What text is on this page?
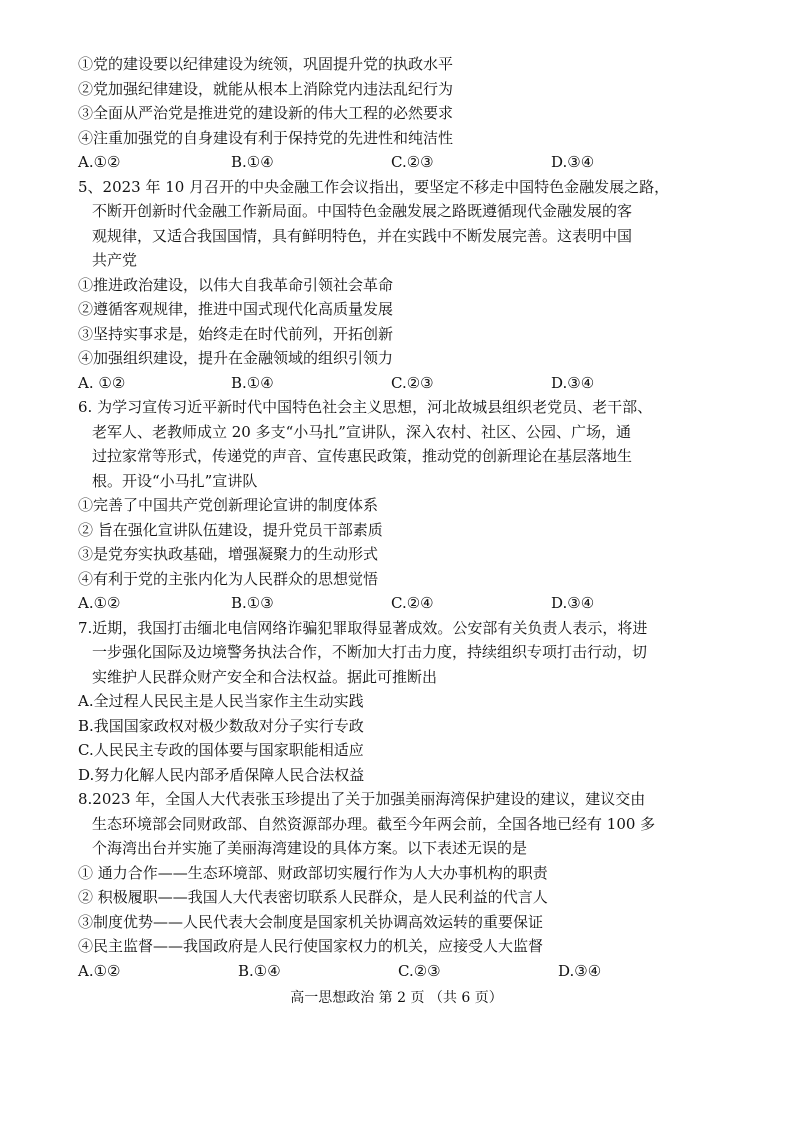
①党的建设要以纪律建设为统领，巩固提升党的执政水平

②党加强纪律建设，就能从根本上消除党内违法乱纪行为

③全面从严治党是推进党的建设新的伟大工程的必然要求

④注重加强党的自身建设有利于保持党的先进性和纯洁性

A.①②	B.①④	C.②③	D.③④

5、2023 年 10 月召开的中央金融工作会议指出，要坚定不移走中国特色金融发展之路，

不断开创新时代金融工作新局面。中国特色金融发展之路既遵循现代金融发展的客

观规律，又适合我国国情，具有鲜明特色，并在实践中不断发展完善。这表明中国

共产党

①推进政治建设，以伟大自我革命引领社会革命

②遵循客观规律，推进中国式现代化高质量发展

③坚持实事求是，始终走在时代前列，开拓创新

④加强组织建设，提升在金融领域的组织引领力

A. ①②	B.①④	C.②③	D.③④

6. 为学习宣传习近平新时代中国特色社会主义思想，河北故城县组织老党员、老干部、

老军人、老教师成立 20 多支“小马扎”宣讲队，深入农村、社区、公园、广场，通

过拉家常等形式，传递党的声音、宣传惠民政策，推动党的创新理论在基层落地生

根。开设“小马扎”宣讲队

①完善了中国共产党创新理论宣讲的制度体系

② 旨在强化宣讲队伍建设，提升党员干部素质

③是党夯实执政基础，增强凝聚力的生动形式

④有利于党的主张内化为人民群众的思想觉悟

A.①②	B.①③	C.②④	D.③④

7.近期，我国打击缅北电信网络诈骗犯罪取得显著成效。公安部有关负责人表示，将进

一步强化国际及边境警务执法合作，不断加大打击力度，持续组织专项打击行动，切

实维护人民群众财产安全和合法权益。据此可推断出

A.全过程人民民主是人民当家作主生动实践

B.我国国家政权对极少数敌对分子实行专政

C.人民民主专政的国体要与国家职能相适应

D.努力化解人民内部矛盾保障人民合法权益

8.2023 年，全国人大代表张玉珍提出了关于加强美丽海湾保护建设的建议，建议交由

生态环境部会同财政部、自然资源部办理。截至今年两会前，全国各地已经有 100 多

个海湾出台并实施了美丽海湾建设的具体方案。以下表述无误的是

① 通力合作——生态环境部、财政部切实履行作为人大办事机构的职责

② 积极履职——我国人大代表密切联系人民群众，是人民利益的代言人

③制度优势——人民代表大会制度是国家机关协调高效运转的重要保证

④民主监督——我国政府是人民行使国家权力的机关，应接受人大监督

A.①②	B.①④	C.②③	D.③④
高一思想政治 第 2 页 （共 6 页）
